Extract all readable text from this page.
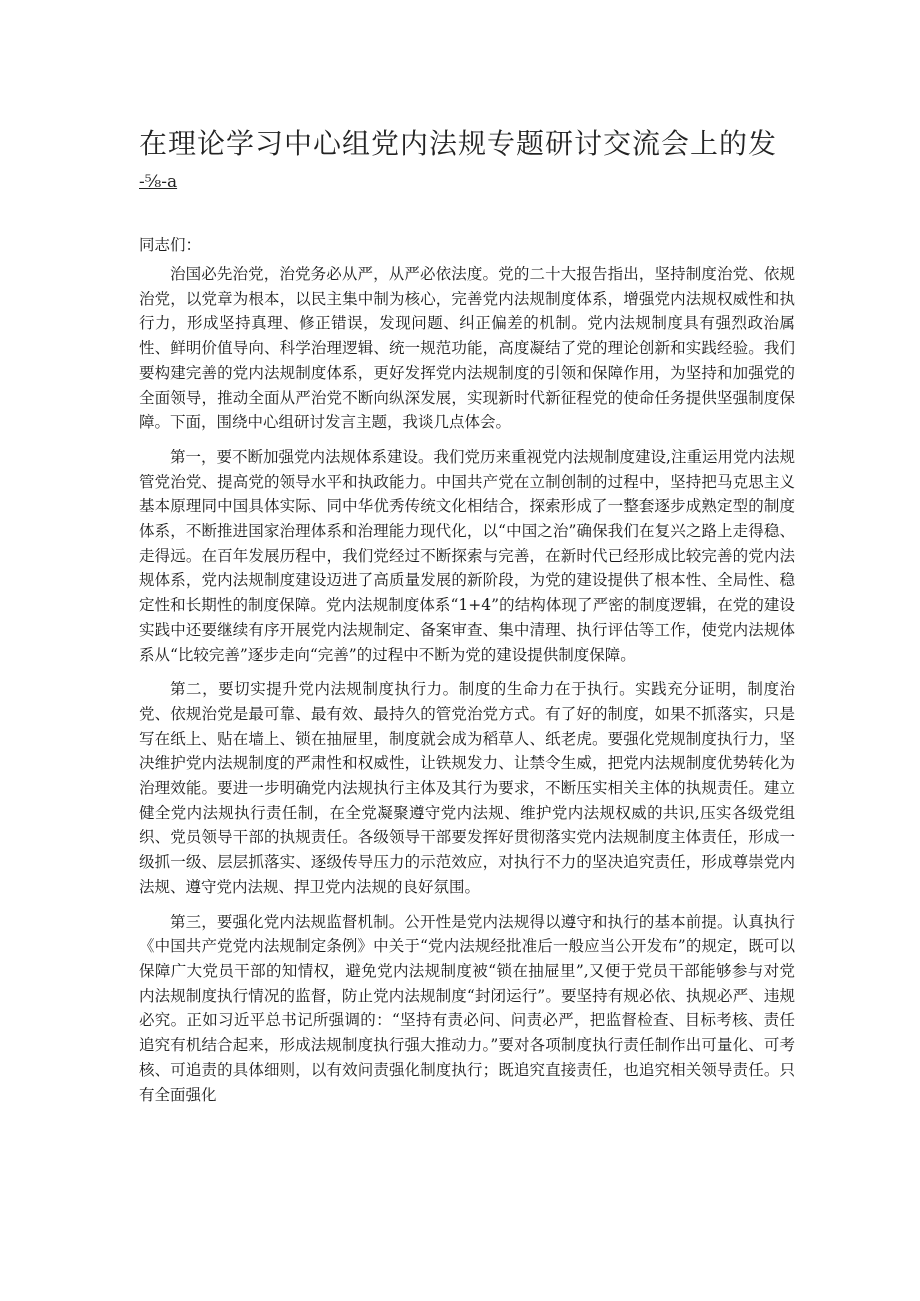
在理论学习中心组党内法规专题研讨交流会上的发
-⅝-a
同志们：

治国必先治党，治党务必从严，从严必依法度。党的二十大报告指出，坚持制度治党、依规治党，以党章为根本，以民主集中制为核心，完善党内法规制度体系，增强党内法规权威性和执行力，形成坚持真理、修正错误，发现问题、纠正偏差的机制。党内法规制度具有强烈政治属性、鲜明价值导向、科学治理逻辑、统一规范功能，高度凝结了党的理论创新和实践经验。我们要构建完善的党内法规制度体系，更好发挥党内法规制度的引领和保障作用，为坚持和加强党的全面领导，推动全面从严治党不断向纵深发展，实现新时代新征程党的使命任务提供坚强制度保障。下面，围绕中心组研讨发言主题，我谈几点体会。

第一，要不断加强党内法规体系建设。我们党历来重视党内法规制度建设,注重运用党内法规管党治党、提高党的领导水平和执政能力。中国共产党在立制创制的过程中，坚持把马克思主义基本原理同中国具体实际、同中华优秀传统文化相结合，探索形成了一整套逐步成熟定型的制度体系，不断推进国家治理体系和治理能力现代化，以“中国之治”确保我们在复兴之路上走得稳、走得远。在百年发展历程中，我们党经过不断探索与完善，在新时代已经形成比较完善的党内法规体系，党内法规制度建设迈进了高质量发展的新阶段，为党的建设提供了根本性、全局性、稳定性和长期性的制度保障。党内法规制度体系“1+4”的结构体现了严密的制度逻辑，在党的建设实践中还要继续有序开展党内法规制定、备案审查、集中清理、执行评估等工作，使党内法规体系从“比较完善”逐步走向“完善”的过程中不断为党的建设提供制度保障。

第二，要切实提升党内法规制度执行力。制度的生命力在于执行。实践充分证明，制度治党、依规治党是最可靠、最有效、最持久的管党治党方式。有了好的制度，如果不抓落实，只是写在纸上、贴在墙上、锁在抽屉里，制度就会成为稻草人、纸老虎。要强化党规制度执行力，坚决维护党内法规制度的严肃性和权威性，让铁规发力、让禁令生威，把党内法规制度优势转化为治理效能。要进一步明确党内法规执行主体及其行为要求，不断压实相关主体的执规责任。建立健全党内法规执行责任制，在全党凝聚遵守党内法规、维护党内法规权威的共识,压实各级党组织、党员领导干部的执规责任。各级领导干部要发挥好贯彻落实党内法规制度主体责任，形成一级抓一级、层层抓落实、逐级传导压力的示范效应，对执行不力的坚决追究责任，形成尊崇党内法规、遵守党内法规、捍卫党内法规的良好氛围。

第三，要强化党内法规监督机制。公开性是党内法规得以遵守和执行的基本前提。认真执行《中国共产党党内法规制定条例》中关于“党内法规经批准后一般应当公开发布”的规定，既可以保障广大党员干部的知情权，避免党内法规制度被“锁在抽屉里”,又便于党员干部能够参与对党内法规制度执行情况的监督，防止党内法规制度“封闭运行”。要坚持有规必依、执规必严、违规必究。正如习近平总书记所强调的：“坚持有责必问、问责必严，把监督检查、目标考核、责任追究有机结合起来，形成法规制度执行强大推动力。”要对各项制度执行责任制作出可量化、可考核、可追责的具体细则，以有效问责强化制度执行；既追究直接责任，也追究相关领导责任。只有全面强化
